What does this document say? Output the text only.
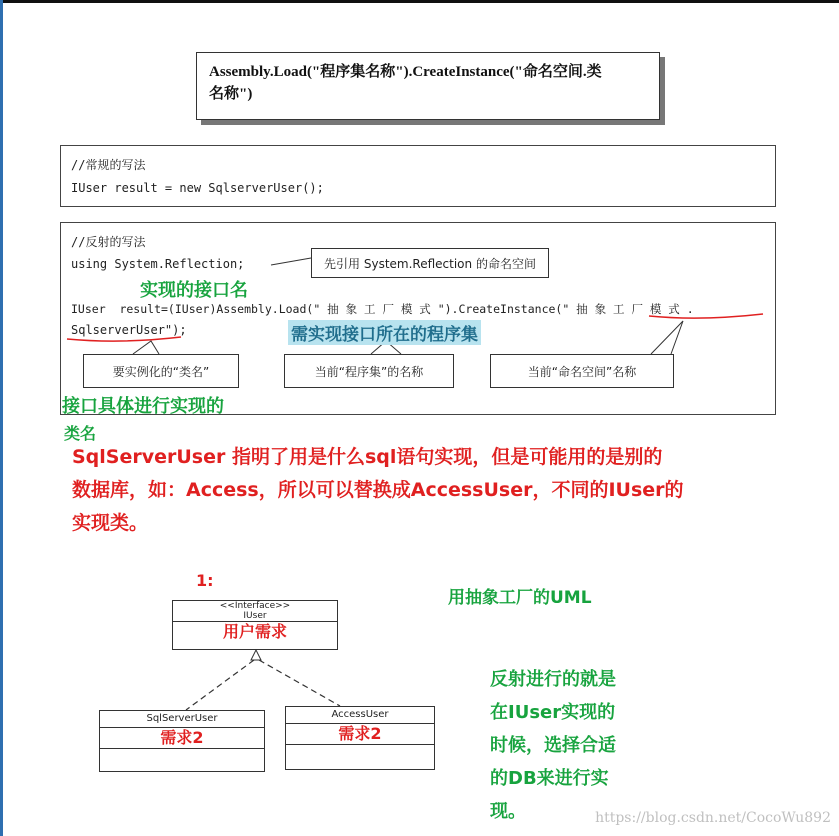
Assembly.Load("程序集名称").CreateInstance("命名空间.类
名称")
//常规的写法
IUser result = new SqlserverUser();
//反射的写法
using System.Reflection;
IUser  result=(IUser)Assembly.Load(" 抽 象 工 厂 模 式 ").CreateInstance(" 抽 象 工 厂 模 式 .
SqlserverUser");
先引用 System.Reflection 的命名空间
要实例化的“类名”	当前“程序集”的名称	当前“命名空间”名称
实现的接口名
需实现接口所在的程序集
接口具体进行实现的
类名
SqlServerUser 指明了用是什么sql语句实现，但是可能用的是别的
数据库，如：Access，所以可以替换成AccessUser，不同的IUser的
实现类。
1:
用抽象工厂的UML
<<Interface>>
IUser
用户需求
SqlServerUser
需求2
AccessUser
需求2
反射进行的就是
在IUser实现的
时候，选择合适
的DB来进行实
现。	https://blog.csdn.net/CocoWu892
